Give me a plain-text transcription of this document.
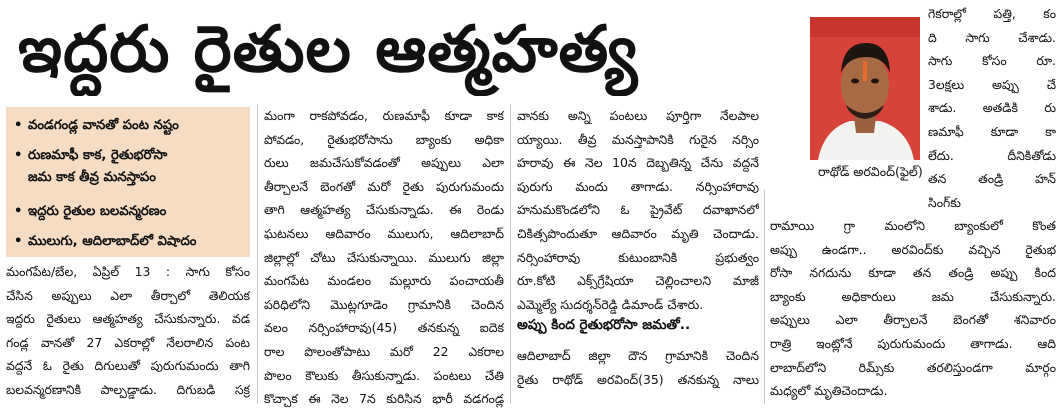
ఇద్దరు రైతుల ఆత్మహత్య
• వండగండ్ల వానతో పంట నష్టం
• రుణమాఫీ కాక, రైతుభరోసా
జమ కాక తీవ్ర మనస్తాపం
• ఇద్దరు రైతుల బలవన్మరణం
• ములుగు, ఆదిలాబాద్‌లో విషాదం
మంగపేట/బేల, ఏప్రిల్ 13 : సాగు కోసం
చేసిన అప్పులు ఎలా తీర్చాలో తెలియక
ఇద్దరు రైతులు ఆత్మహత్య చేసుకున్నారు. వడ
గండ్ల వానతో 27 ఎకరాల్లో నేలరాలిన పంట
వద్దనే ఓ రైతు దిగులుతో పురుగుమందు తాగి
బలవన్మరణానికి పాల్పడ్డాడు. దిగుబడి సక్ర
మంగా రాకపోవడం, రుణమాఫీ కూడా కాక
పోవడం, రైతుభరోసాను బ్యాంకు అధికా
రులు జమచేసుకోవడంతో అప్పులు ఎలా
తీర్చాలనే బెంగతో మరో రైతు పురుగుమందు
తాగి ఆత్మహత్య చేసుకున్నాడు. ఈ రెండు
ఘటనలు ఆదివారం ములుగు, ఆదిలాబాద్
జిల్లాల్లో చోటు చేసుకున్నాయి. ములుగు జిల్లా
మంగపేట మండలం మల్లూరు పంచాయతీ
పరిధిలోని మొట్లగూడెం గ్రామానికి చెందిన
వలం నర్సింహారావు(45) తనకున్న ఐదెక
రాల పొలంతోపాటు మరో 22 ఎకరాల
పొలం కౌలుకు తీసుకున్నాడు. పంటలు చేతి
కొచ్చాక ఈ నెల 7న కురిసిన భారీ వడగండ్ల
వానకు అన్ని పంటలు పూర్తిగా నేలపాల
య్యాయి. తీవ్ర మనస్తాపానికి గురైన నర్సిం
హరావు ఈ నెల 10న దెబ్బతిన్న చేను వద్దనే
పురుగు మందు తాగాడు. నర్సింహారావు
హనుమకొండలోని ఓ ప్రైవేట్ దవాఖానలో
చికిత్సపొందుతూ ఆదివారం మృతి చెందాడు.
నర్సింహారావు కుటుంబానికి ప్రభుత్వం
రూ.కోటి ఎక్స్‌గ్రేషియా చెల్లించాలని మాజీ
ఎమ్మెల్యే సుదర్శన్‌రెడ్డి డిమాండ్ చేశారు.
అప్పు కింద రైతుభరోసా జమతో..
ఆదిలాబాద్ జిల్లా దౌన గ్రామానికి చెందిన
రైతు రాథోడ్ అరవింద్(35) తనకున్న నాలు
రాథోడ్ అరవింద్(ఫైల్)
గెకరాల్లో పత్తి, కం
ది సాగు చేశాడు.
సాగు కోసం రూ.
3లక్షలు అప్పు చే
శాడు. అతడికి రు
ణమాఫీ కూడా కా
లేదు. దీనికితోడు
తన తండ్రి హన్
సింగ్‌కు
రామాయి గ్రా మంలోని బ్యాంకులో కొంత
అప్పు ఉండగా.. అరవింద్‌కు వచ్చిన రైతుభ
రోసా నగదును కూడా తన తండ్రి అప్పు కింద
బ్యాంకు అధికారులు జమ చేసుకున్నారు.
అప్పులు ఎలా తీర్చాలనే బెంగతో శనివారం
రాత్రి ఇంట్లోనే పురుగుమందు తాగాడు. ఆది
లాబాద్‌లోని రిమ్స్‌కు తరలిస్తుండగా మార్గం
మధ్యలో మృతిచెందాడు.
